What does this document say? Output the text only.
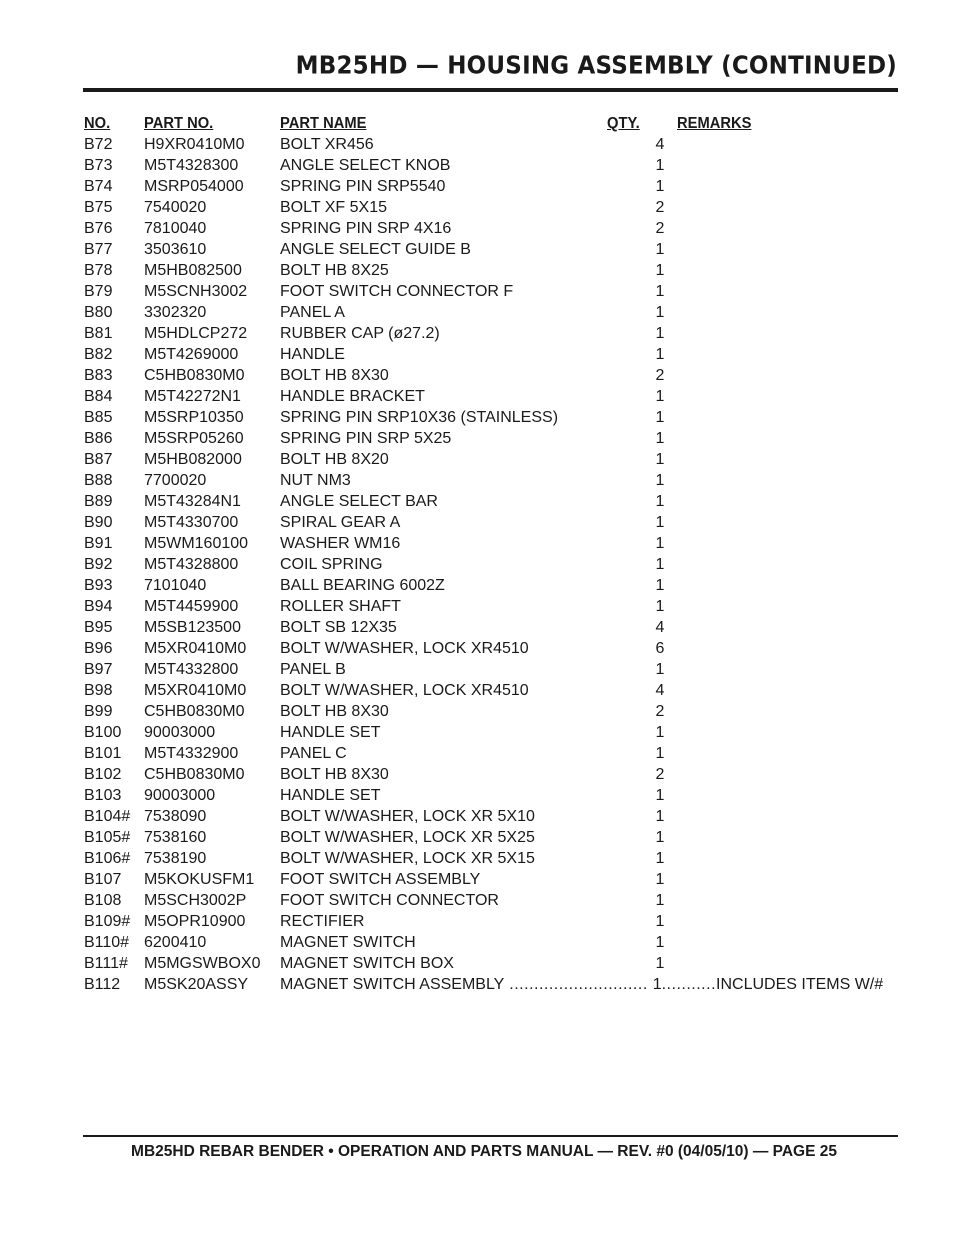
MB25HD — HOUSING ASSEMBLY (CONTINUED)
NO. PART NO.	PART NAME	QTY. REMARKS
B72 H9XR0410M0 BOLT XR456	4
B73 M5T4328300	ANGLE SELECT KNOB	1
B74 MSRP054000 SPRING PIN SRP5540	1
B75 7540020	BOLT XF 5X15	2
B76 7810040	SPRING PIN SRP 4X16	2
B77 3503610	ANGLE SELECT GUIDE B	1
B78 M5HB082500 BOLT HB 8X25	1
B79 M5SCNH3002 FOOT SWITCH CONNECTOR F	1
B80 3302320	PANEL A	1
B81 M5HDLCP272 RUBBER CAP (ø27.2)	1
B82 M5T4269000	HANDLE	1
B83 C5HB0830M0 BOLT HB 8X30	2
B84 M5T42272N1 HANDLE BRACKET	1
B85 M5SRP10350 SPRING PIN SRP10X36 (STAINLESS)	1
B86 M5SRP05260 SPRING PIN SRP 5X25	1
B87 M5HB082000 BOLT HB 8X20	1
B88 7700020	NUT NM3	1
B89 M5T43284N1 ANGLE SELECT BAR	1
B90 M5T4330700	SPIRAL GEAR A	1
B91 M5WM160100 WASHER WM16	1
B92 M5T4328800	COIL SPRING	1
B93 7101040	BALL BEARING 6002Z	1
B94 M5T4459900	ROLLER SHAFT	1
B95 M5SB123500 BOLT SB 12X35	4
B96 M5XR0410M0 BOLT W/WASHER, LOCK XR4510	6
B97 M5T4332800	PANEL B	1
B98 M5XR0410M0 BOLT W/WASHER, LOCK XR4510	4
B99 C5HB0830M0 BOLT HB 8X30	2
B100 90003000	HANDLE SET	1
B101 M5T4332900	PANEL C	1
B102 C5HB0830M0 BOLT HB 8X30	2
B103 90003000	HANDLE SET	1
B104# 7538090	BOLT W/WASHER, LOCK XR 5X10	1
B105# 7538160	BOLT W/WASHER, LOCK XR 5X25	1
B106# 7538190	BOLT W/WASHER, LOCK XR 5X15	1
B107 M5KOKUSFM1 FOOT SWITCH ASSEMBLY	1
B108 M5SCH3002P FOOT SWITCH CONNECTOR	1
B109# M5OPR10900 RECTIFIER	1
B110# 6200410	MAGNET SWITCH	1
B111# M5MGSWBOX0 MAGNET SWITCH BOX	1
B112 M5SK20ASSY MAGNET SWITCH ASSEMBLY ............................ 1...........INCLUDES ITEMS W/#
MB25HD REBAR BENDER • OPERATION AND PARTS MANUAL — REV. #0 (04/05/10) — PAGE 25
